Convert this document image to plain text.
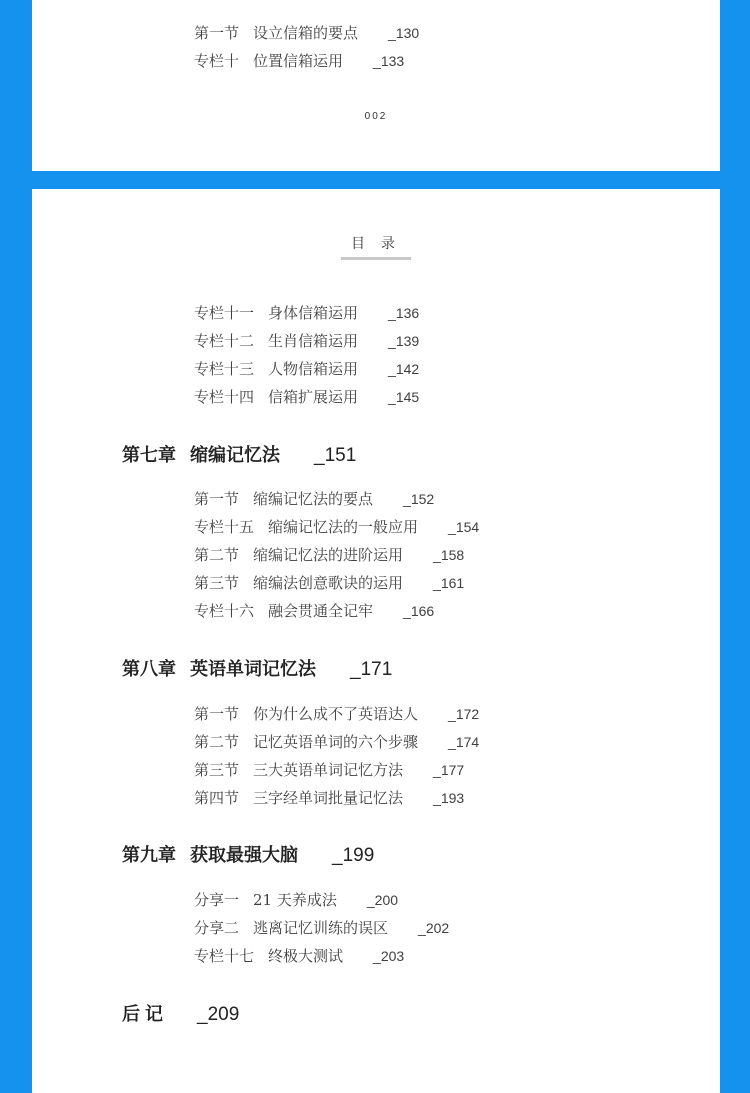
第一节 设立信箱的要点 _130
专栏十 位置信箱运用 _133
002
目 录
专栏十一 身体信箱运用 _136
专栏十二 生肖信箱运用 _139
专栏十三 人物信箱运用 _142
专栏十四 信箱扩展运用 _145
第七章 缩编记忆法 _151
第一节 缩编记忆法的要点 _152
专栏十五 缩编记忆法的一般应用 _154
第二节 缩编记忆法的进阶运用 _158
第三节 缩编法创意歌诀的运用 _161
专栏十六 融会贯通全记牢 _166
第八章 英语单词记忆法 _171
第一节 你为什么成不了英语达人 _172
第二节 记忆英语单词的六个步骤 _174
第三节 三大英语单词记忆方法 _177
第四节 三字经单词批量记忆法 _193
第九章 获取最强大脑 _199
分享一 21 天养成法 _200
分享二 逃离记忆训练的误区 _202
专栏十七 终极大测试 _203
后 记 _209
